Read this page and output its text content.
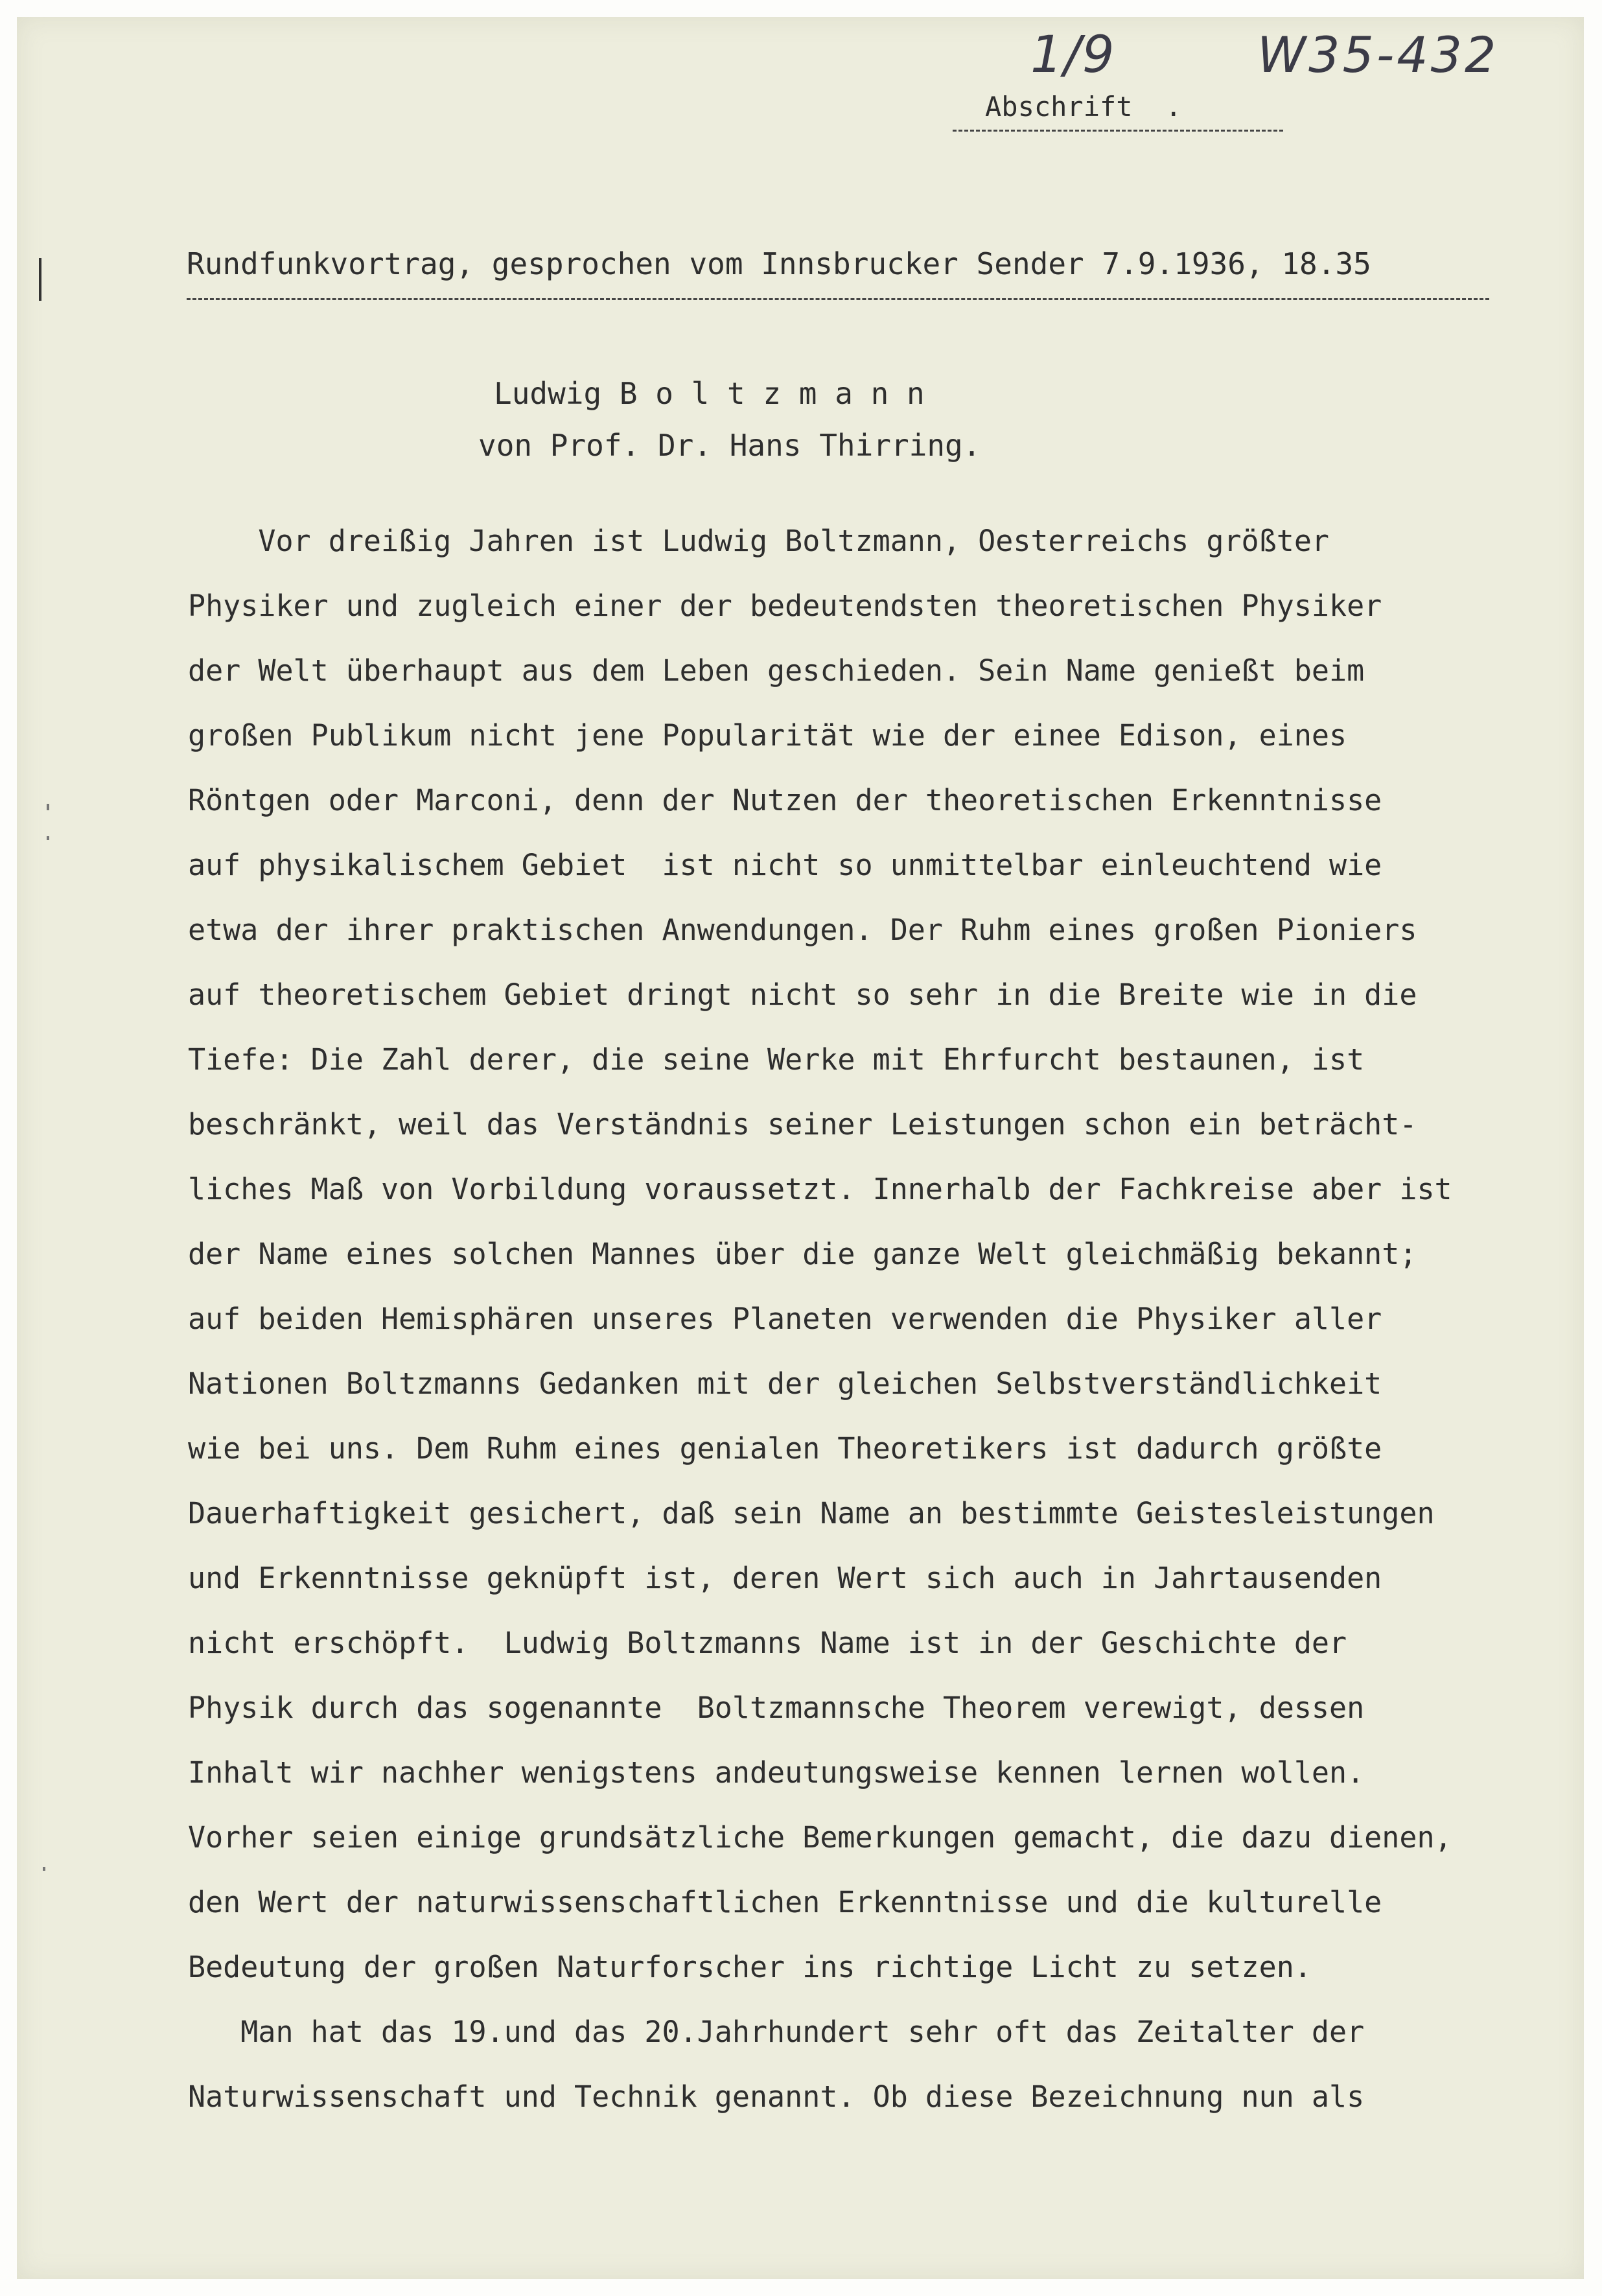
1/9	W35-432
Abschrift  .
Rundfunkvortrag, gesprochen vom Innsbrucker Sender 7.9.1936, 18.35
Ludwig B o l t z m a n n
von Prof. Dr. Hans Thirring.
Vor dreißig Jahren ist Ludwig Boltzmann, Oesterreichs größter
Physiker und zugleich einer der bedeutendsten theoretischen Physiker
der Welt überhaupt aus dem Leben geschieden. Sein Name genießt beim
großen Publikum nicht jene Popularität wie der einee Edison, eines
Röntgen oder Marconi, denn der Nutzen der theoretischen Erkenntnisse
auf physikalischem Gebiet  ist nicht so unmittelbar einleuchtend wie
etwa der ihrer praktischen Anwendungen. Der Ruhm eines großen Pioniers
auf theoretischem Gebiet dringt nicht so sehr in die Breite wie in die
Tiefe: Die Zahl derer, die seine Werke mit Ehrfurcht bestaunen, ist
beschränkt, weil das Verständnis seiner Leistungen schon ein beträcht-
liches Maß von Vorbildung voraussetzt. Innerhalb der Fachkreise aber ist
der Name eines solchen Mannes über die ganze Welt gleichmäßig bekannt;
auf beiden Hemisphären unseres Planeten verwenden die Physiker aller
Nationen Boltzmanns Gedanken mit der gleichen Selbstverständlichkeit
wie bei uns. Dem Ruhm eines genialen Theoretikers ist dadurch größte
Dauerhaftigkeit gesichert, daß sein Name an bestimmte Geistesleistungen
und Erkenntnisse geknüpft ist, deren Wert sich auch in Jahrtausenden
nicht erschöpft.  Ludwig Boltzmanns Name ist in der Geschichte der
Physik durch das sogenannte  Boltzmannsche Theorem verewigt, dessen
Inhalt wir nachher wenigstens andeutungsweise kennen lernen wollen.
Vorher seien einige grundsätzliche Bemerkungen gemacht, die dazu dienen,
den Wert der naturwissenschaftlichen Erkenntnisse und die kulturelle
Bedeutung der großen Naturforscher ins richtige Licht zu setzen.
Man hat das 19.und das 20.Jahrhundert sehr oft das Zeitalter der
Naturwissenschaft und Technik genannt. Ob diese Bezeichnung nun als
